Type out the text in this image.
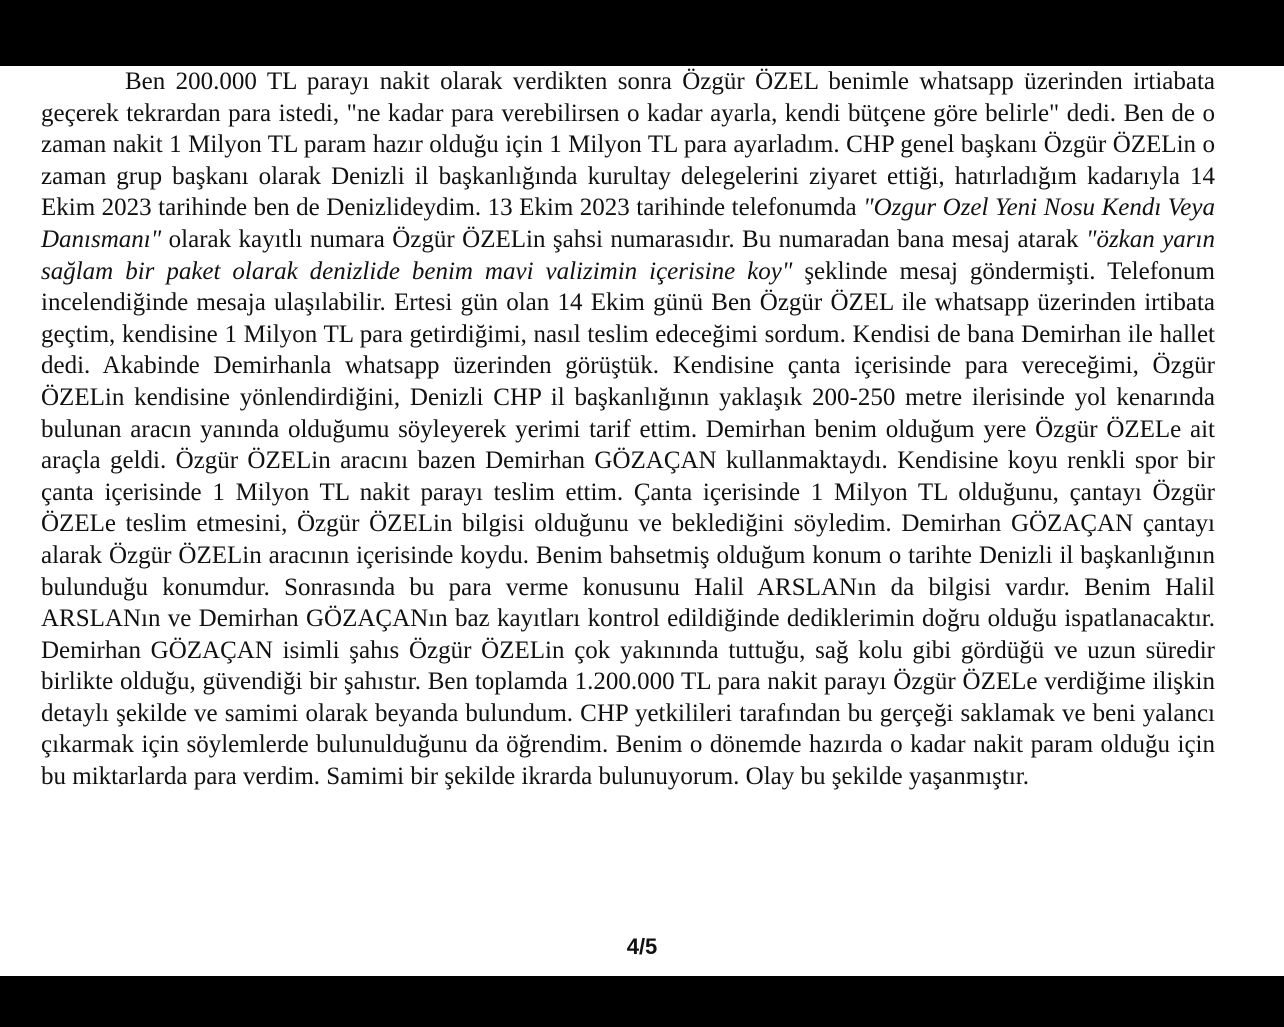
Ben 200.000 TL parayı nakit olarak verdikten sonra Özgür ÖZEL benimle whatsapp üzerinden irtiabata geçerek tekrardan para istedi, "ne kadar para verebilirsen o kadar ayarla, kendi bütçene göre belirle" dedi. Ben de o zaman nakit 1 Milyon TL param hazır olduğu için 1 Milyon TL para ayarladım. CHP genel başkanı Özgür ÖZELin o zaman grup başkanı olarak Denizli il başkanlığında kurultay delegelerini ziyaret ettiği, hatırladığım kadarıyla 14 Ekim 2023 tarihinde ben de Denizlideydim. 13 Ekim 2023 tarihinde telefonumda "Ozgur Ozel Yeni Nosu Kendı Veya Danısmanı" olarak kayıtlı numara Özgür ÖZELin şahsi numarasıdır. Bu numaradan bana mesaj atarak "özkan yarın sağlam bir paket olarak denizlide benim mavi valizimin içerisine koy" şeklinde mesaj göndermişti. Telefonum incelendiğinde mesaja ulaşılabilir. Ertesi gün olan 14 Ekim günü Ben Özgür ÖZEL ile whatsapp üzerinden irtibata geçtim, kendisine 1 Milyon TL para getirdiğimi, nasıl teslim edeceğimi sordum. Kendisi de bana Demirhan ile hallet dedi. Akabinde Demirhanla whatsapp üzerinden görüştük. Kendisine çanta içerisinde para vereceğimi, Özgür ÖZELin kendisine yönlendirdiğini, Denizli CHP il başkanlığının yaklaşık 200-250 metre ilerisinde yol kenarında bulunan aracın yanında olduğumu söyleyerek yerimi tarif ettim. Demirhan benim olduğum yere Özgür ÖZELe ait araçla geldi. Özgür ÖZELin aracını bazen Demirhan GÖZAÇAN kullanmaktaydı. Kendisine koyu renkli spor bir çanta içerisinde 1 Milyon TL nakit parayı teslim ettim. Çanta içerisinde 1 Milyon TL olduğunu, çantayı Özgür ÖZELe teslim etmesini, Özgür ÖZELin bilgisi olduğunu ve beklediğini söyledim. Demirhan GÖZAÇAN çantayı alarak Özgür ÖZELin aracının içerisinde koydu. Benim bahsetmiş olduğum konum o tarihte Denizli il başkanlığının bulunduğu konumdur. Sonrasında bu para verme konusunu Halil ARSLANın da bilgisi vardır. Benim Halil ARSLANın ve Demirhan GÖZAÇANın baz kayıtları kontrol edildiğinde dediklerimin doğru olduğu ispatlanacaktır. Demirhan GÖZAÇAN isimli şahıs Özgür ÖZELin çok yakınında tuttuğu, sağ kolu gibi gördüğü ve uzun süredir birlikte olduğu, güvendiği bir şahıstır. Ben toplamda 1.200.000 TL para nakit parayı Özgür ÖZELe verdiğime ilişkin detaylı şekilde ve samimi olarak beyanda bulundum. CHP yetkilileri tarafından bu gerçeği saklamak ve beni yalancı çıkarmak için söylemlerde bulunulduğunu da öğrendim. Benim o dönemde hazırda o kadar nakit param olduğu için bu miktarlarda para verdim. Samimi bir şekilde ikrarda bulunuyorum. Olay bu şekilde yaşanmıştır.

4/5
